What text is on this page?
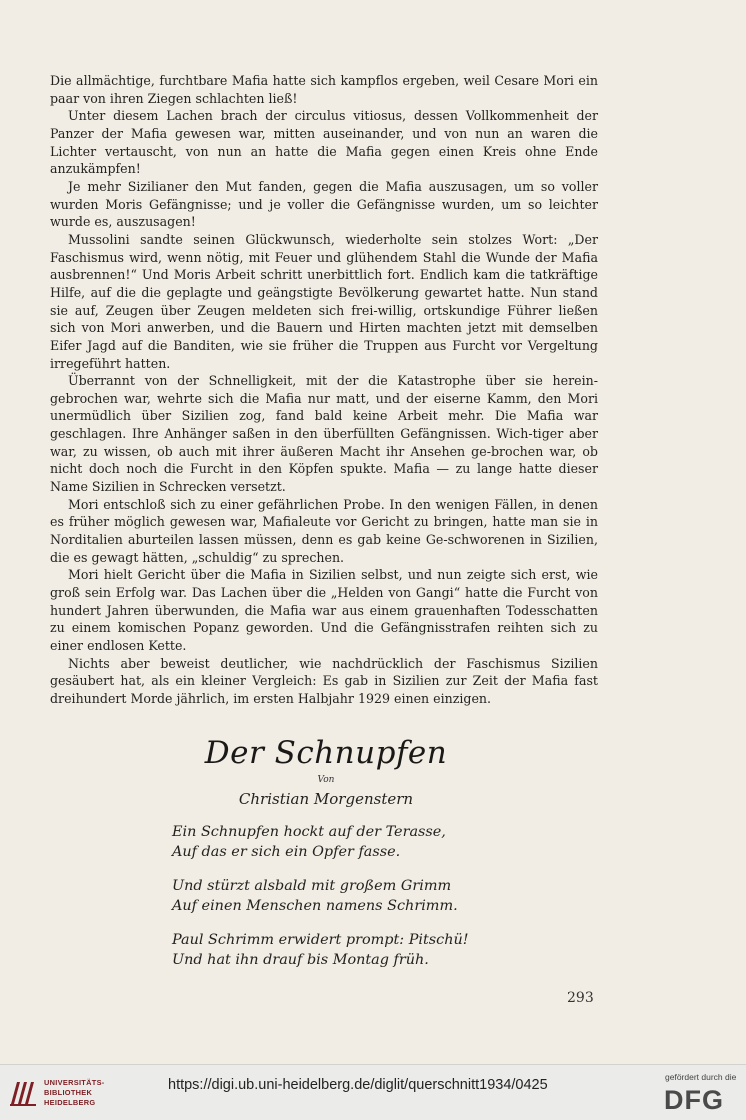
Die allmächtige, furchtbare Mafia hatte sich kampflos ergeben, weil Cesare Mori ein paar von ihren Ziegen schlachten ließ!

Unter diesem Lachen brach der circulus vitiosus, dessen Vollkommenheit der Panzer der Mafia gewesen war, mitten auseinander, und von nun an waren die Lichter vertauscht, von nun an hatte die Mafia gegen einen Kreis ohne Ende anzukämpfen!

Je mehr Sizilianer den Mut fanden, gegen die Mafia auszusagen, um so voller wurden Moris Gefängnisse; und je voller die Gefängnisse wurden, um so leichter wurde es, auszusagen!

Mussolini sandte seinen Glückwunsch, wiederholte sein stolzes Wort: „Der Faschismus wird, wenn nötig, mit Feuer und glühendem Stahl die Wunde der Mafia ausbrennen!“ Und Moris Arbeit schritt unerbittlich fort. Endlich kam die tatkräftige Hilfe, auf die die geplagte und geängstigte Bevölkerung gewartet hatte. Nun stand sie auf, Zeugen über Zeugen meldeten sich frei-willig, ortskundige Führer ließen sich von Mori anwerben, und die Bauern und Hirten machten jetzt mit demselben Eifer Jagd auf die Banditen, wie sie früher die Truppen aus Furcht vor Vergeltung irregeführt hatten.

Überrannt von der Schnelligkeit, mit der die Katastrophe über sie herein-gebrochen war, wehrte sich die Mafia nur matt, und der eiserne Kamm, den Mori unermüdlich über Sizilien zog, fand bald keine Arbeit mehr. Die Mafia war geschlagen. Ihre Anhänger saßen in den überfüllten Gefängnissen. Wich-tiger aber war, zu wissen, ob auch mit ihrer äußeren Macht ihr Ansehen ge-brochen war, ob nicht doch noch die Furcht in den Köpfen spukte. Mafia — zu lange hatte dieser Name Sizilien in Schrecken versetzt.

Mori entschloß sich zu einer gefährlichen Probe. In den wenigen Fällen, in denen es früher möglich gewesen war, Mafialeute vor Gericht zu bringen, hatte man sie in Norditalien aburteilen lassen müssen, denn es gab keine Ge-schworenen in Sizilien, die es gewagt hätten, „schuldig“ zu sprechen.

Mori hielt Gericht über die Mafia in Sizilien selbst, und nun zeigte sich erst, wie groß sein Erfolg war. Das Lachen über die „Helden von Gangi“ hatte die Furcht von hundert Jahren überwunden, die Mafia war aus einem grauenhaften Todesschatten zu einem komischen Popanz geworden. Und die Gefängnisstrafen reihten sich zu einer endlosen Kette.

Nichts aber beweist deutlicher, wie nachdrücklich der Faschismus Sizilien gesäubert hat, als ein kleiner Vergleich: Es gab in Sizilien zur Zeit der Mafia fast dreihundert Morde jährlich, im ersten Halbjahr 1929 einen einzigen.

Der Schnupfen
Von
Christian Morgenstern
Ein Schnupfen hockt auf der Terasse,
Auf das er sich ein Opfer fasse.
Und stürzt alsbald mit großem Grimm
Auf einen Menschen namens Schrimm.
Paul Schrimm erwidert prompt: Pitschü!
Und hat ihn drauf bis Montag früh.
293
UNIVERSITÄTS-
BIBLIOTHEK
HEIDELBERG
https://digi.ub.uni-heidelberg.de/diglit/querschnitt1934/0425	gefördert durch die
DFG
